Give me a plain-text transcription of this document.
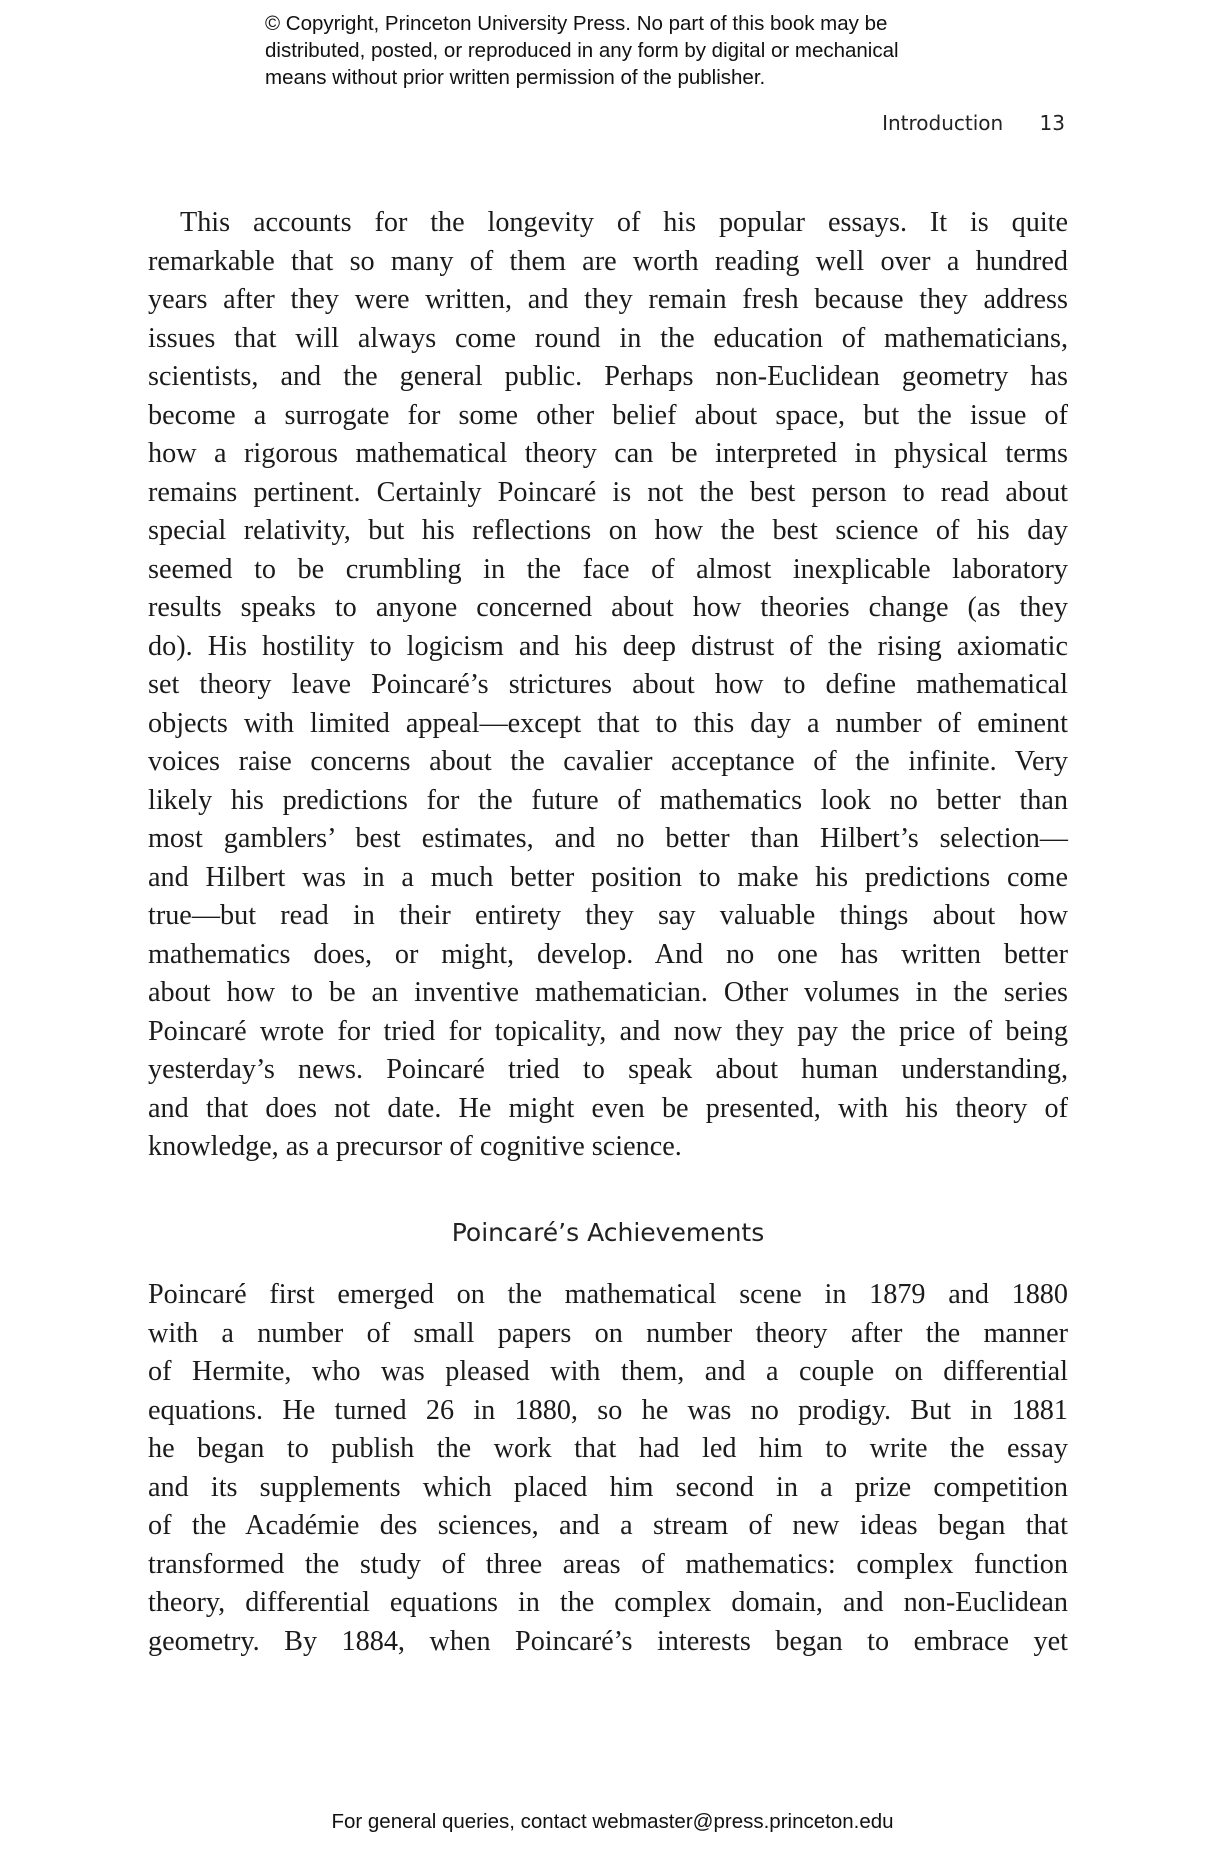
© Copyright, Princeton University Press. No part of this book may be
distributed, posted, or reproduced in any form by digital or mechanical
means without prior written permission of the publisher.
Introduction 13
This accounts for the longevity of his popular essays. It is quite
remarkable that so many of them are worth reading well over a hundred
years after they were written, and they remain fresh because they address
issues that will always come round in the education of mathematicians,
scientists, and the general public. Perhaps non-Euclidean geometry has
become a surrogate for some other belief about space, but the issue of
how a rigorous mathematical theory can be interpreted in physical terms
remains pertinent. Certainly Poincaré is not the best person to read about
special relativity, but his reflections on how the best science of his day
seemed to be crumbling in the face of almost inexplicable laboratory
results speaks to anyone concerned about how theories change (as they
do). His hostility to logicism and his deep distrust of the rising axiomatic
set theory leave Poincaré’s strictures about how to define mathematical
objects with limited appeal—except that to this day a number of eminent
voices raise concerns about the cavalier acceptance of the infinite. Very
likely his predictions for the future of mathematics look no better than
most gamblers’ best estimates, and no better than Hilbert’s selection—
and Hilbert was in a much better position to make his predictions come
true—but read in their entirety they say valuable things about how
mathematics does, or might, develop. And no one has written better
about how to be an inventive mathematician. Other volumes in the series
Poincaré wrote for tried for topicality, and now they pay the price of being
yesterday’s news. Poincaré tried to speak about human understanding,
and that does not date. He might even be presented, with his theory of
knowledge, as a precursor of cognitive science.
Poincaré’s Achievements
Poincaré first emerged on the mathematical scene in 1879 and 1880
with a number of small papers on number theory after the manner
of Hermite, who was pleased with them, and a couple on differential
equations. He turned 26 in 1880, so he was no prodigy. But in 1881
he began to publish the work that had led him to write the essay
and its supplements which placed him second in a prize competition
of the Académie des sciences, and a stream of new ideas began that
transformed the study of three areas of mathematics: complex function
theory, differential equations in the complex domain, and non-Euclidean
geometry. By 1884, when Poincaré’s interests began to embrace yet
For general queries, contact webmaster@press.princeton.edu
